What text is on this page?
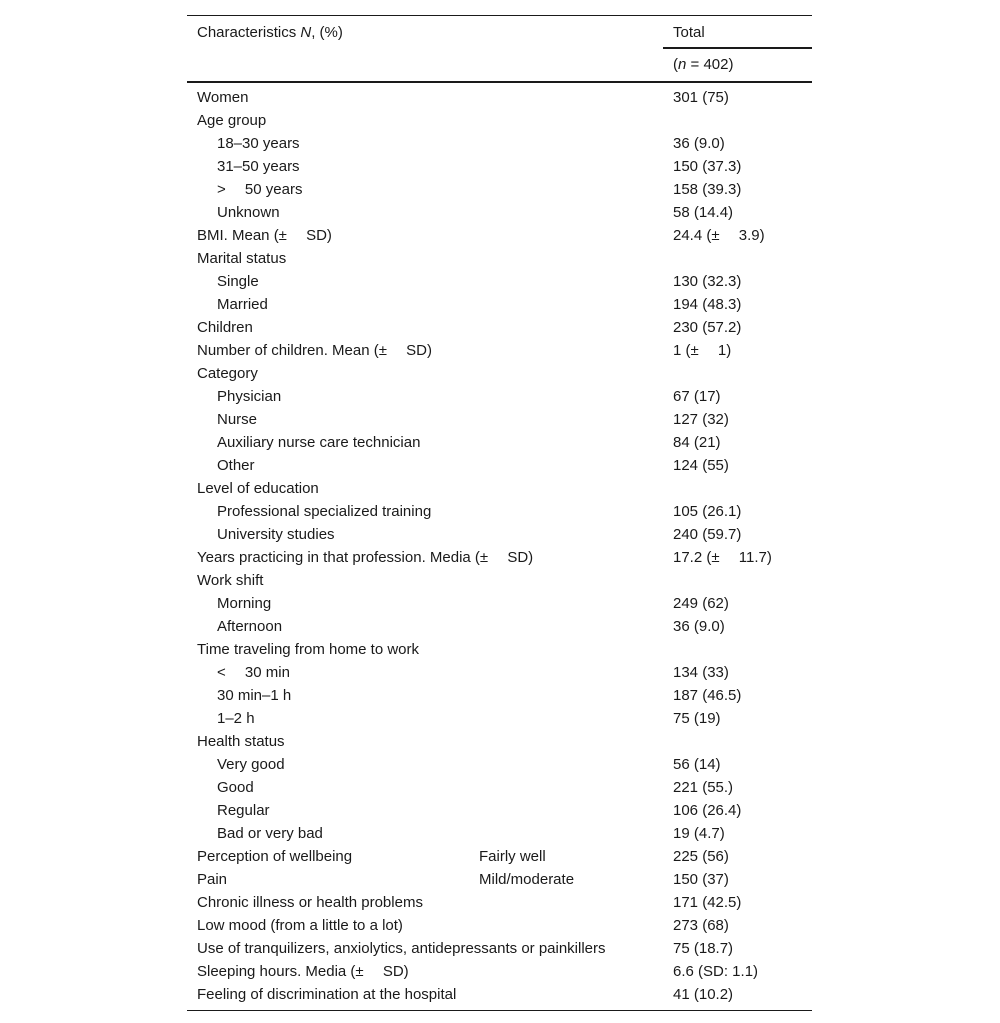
Characteristics N, (%)	Total
(n = 402)
Women	301 (75)
Age group
18–30 years	36 (9.0)
31–50 years	150 (37.3)
>  50 years	158 (39.3)
Unknown	58 (14.4)
BMI. Mean (±  SD)	24.4 (±  3.9)
Marital status
Single	130 (32.3)
Married	194 (48.3)
Children	230 (57.2)
Number of children. Mean (±  SD)	1 (±  1)
Category
Physician	67 (17)
Nurse	127 (32)
Auxiliary nurse care technician	84 (21)
Other	124 (55)
Level of education
Professional specialized training	105 (26.1)
University studies	240 (59.7)
Years practicing in that profession. Media (±  SD)	17.2 (±  11.7)
Work shift
Morning	249 (62)
Afternoon	36 (9.0)
Time traveling from home to work
<  30 min	134 (33)
30 min–1 h	187 (46.5)
1–2 h	75 (19)
Health status
Very good	56 (14)
Good	221 (55.)
Regular	106 (26.4)
Bad or very bad	19 (4.7)
Perception of wellbeing	Fairly well	225 (56)
Pain	Mild/moderate	150 (37)
Chronic illness or health problems	171 (42.5)
Low mood (from a little to a lot)	273 (68)
Use of tranquilizers, anxiolytics, antidepressants or painkillers	75 (18.7)
Sleeping hours. Media (±  SD)	6.6 (SD: 1.1)
Feeling of discrimination at the hospital	41 (10.2)
